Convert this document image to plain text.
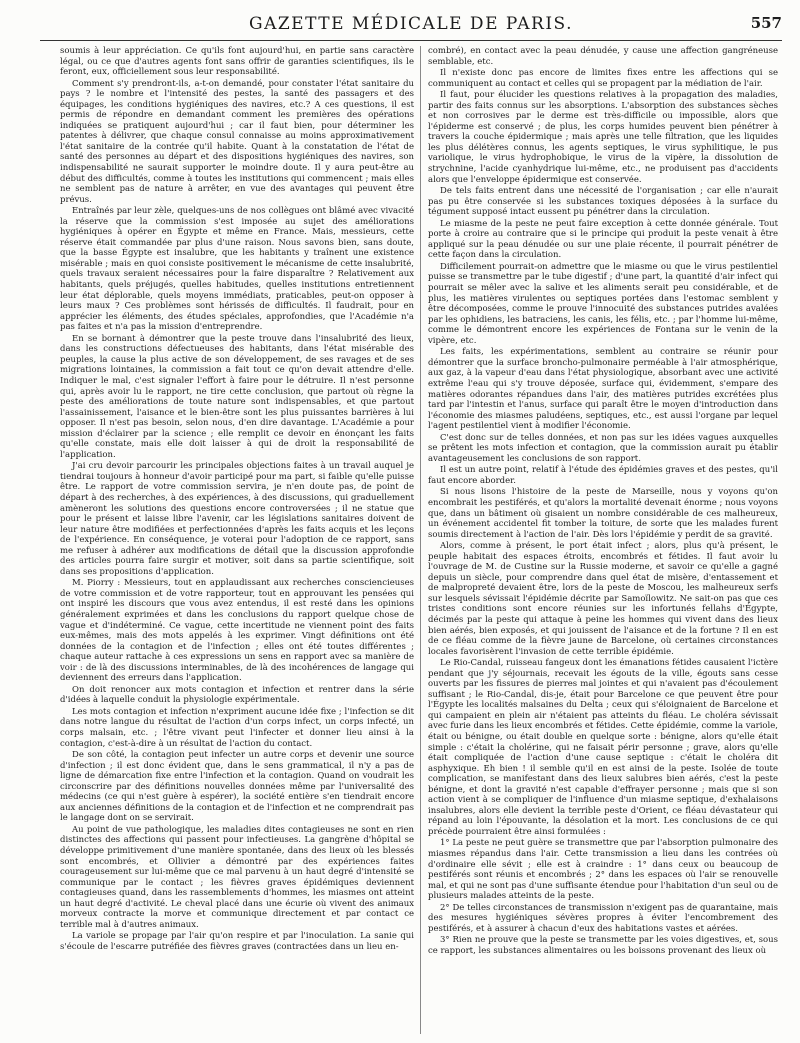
GAZETTE MÉDICALE DE PARIS.	557

soumis à leur appréciation. Ce qu'ils font aujourd'hui, en partie sans caractère légal, ou ce que d'autres agents font sans offrir de garanties scientifiques, ils le feront, eux, officiellement sous leur responsabilité.

Comment s'y prendront-ils, a-t-on demandé, pour constater l'état sanitaire du pays ? le nombre et l'intensité des pestes, la santé des passagers et des équipages, les conditions hygiéniques des navires, etc.? A ces questions, il est permis de répondre en demandant comment les premières des opérations indiquées se pratiquent aujourd'hui ; car il faut bien, pour déterminer les patentes à délivrer, que chaque consul connaisse au moins approximativement l'état sanitaire de la contrée qu'il habite. Quant à la constatation de l'état de santé des personnes au départ et des dispositions hygiéniques des navires, son indispensabilité ne saurait supporter le moindre doute. Il y aura peut-être au début des difficultés, comme à toutes les institutions qui commencent ; mais elles ne semblent pas de nature à arrêter, en vue des avantages qui peuvent être prévus.

Entraînés par leur zèle, quelques-uns de nos collègues ont blâmé avec vivacité la réserve que la commission s'est imposée au sujet des améliorations hygiéniques à opérer en Égypte et même en France. Mais, messieurs, cette réserve était commandée par plus d'une raison. Nous savons bien, sans doute, que la basse Égypte est insalubre, que les habitants y traînent une existence misérable ; mais en quoi consiste positivement le mécanisme de cette insalubrité, quels travaux seraient nécessaires pour la faire disparaître ? Relativement aux habitants, quels préjugés, quelles habitudes, quelles institutions entretiennent leur état déplorable, quels moyens immédiats, praticables, peut-on opposer à leurs maux ? Ces problèmes sont hérissés de difficultés. Il faudrait, pour en apprécier les éléments, des études spéciales, approfondies, que l'Académie n'a pas faites et n'a pas la mission d'entreprendre.

En se bornant à démontrer que la peste trouve dans l'insalubrité des lieux, dans les constructions défectueuses des habitants, dans l'état misérable des peuples, la cause la plus active de son développement, de ses ravages et de ses migrations lointaines, la commission a fait tout ce qu'on devait attendre d'elle. Indiquer le mal, c'est signaler l'effort à faire pour le détruire. Il n'est personne qui, après avoir lu le rapport, ne tire cette conclusion, que partout où règne la peste des améliorations de toute nature sont indispensables, et que partout l'assainissement, l'aisance et le bien-être sont les plus puissantes barrières à lui opposer. Il n'est pas besoin, selon nous, d'en dire davantage. L'Académie a pour mission d'éclairer par la science ; elle remplit ce devoir en énonçant les faits qu'elle constate, mais elle doit laisser à qui de droit la responsabilité de l'application.

J'ai cru devoir parcourir les principales objections faites à un travail auquel je tiendrai toujours à honneur d'avoir participé pour ma part, si faible qu'elle puisse être. Le rapport de votre commission servira, je n'en doute pas, de point de départ à des recherches, à des expériences, à des discussions, qui graduellement amèneront les solutions des questions encore controversées ; il ne statue que pour le présent et laisse libre l'avenir, car les législations sanitaires doivent de leur nature être modifiées et perfectionnées d'après les faits acquis et les leçons de l'expérience. En conséquence, je voterai pour l'adoption de ce rapport, sans me refuser à adhérer aux modifications de détail que la discussion approfondie des articles pourra faire surgir et motiver, soit dans sa partie scientifique, soit dans ses propositions d'application.

M. Piorry : Messieurs, tout en applaudissant aux recherches consciencieuses de votre commission et de votre rapporteur, tout en approuvant les pensées qui ont inspiré les discours que vous avez entendus, il est resté dans les opinions généralement exprimées et dans les conclusions du rapport quelque chose de vague et d'indéterminé. Ce vague, cette incertitude ne viennent point des faits eux-mêmes, mais des mots appelés à les exprimer. Vingt définitions ont été données de la contagion et de l'infection ; elles ont été toutes différentes ; chaque auteur rattache à ces expressions un sens en rapport avec sa manière de voir : de là des discussions interminables, de là des incohérences de langage qui deviennent des erreurs dans l'application.

On doit renoncer aux mots contagion et infection et rentrer dans la série d'idées à laquelle conduit la physiologie expérimentale.

Les mots contagion et infection n'expriment aucune idée fixe ; l'infection se dit dans notre langue du résultat de l'action d'un corps infect, un corps infecté, un corps malsain, etc. ; l'être vivant peut l'infecter et donner lieu ainsi à la contagion, c'est-à-dire à un résultat de l'action du contact.

De son côté, la contagion peut infecter un autre corps et devenir une source d'infection ; il est donc évident que, dans le sens grammatical, il n'y a pas de ligne de démarcation fixe entre l'infection et la contagion. Quand on voudrait les circonscrire par des définitions nouvelles données même par l'universalité des médecins (ce qui n'est guère à espérer), la société entière s'en tiendrait encore aux anciennes définitions de la contagion et de l'infection et ne comprendrait pas le langage dont on se servirait.

Au point de vue pathologique, les maladies dites contagieuses ne sont en rien distinctes des affections qui passent pour infectieuses. La gangrène d'hôpital se développe primitivement d'une manière spontanée, dans des lieux où les blessés sont encombrés, et Ollivier a démontré par des expériences faites courageusement sur lui-même que ce mal parvenu à un haut degré d'intensité se communique par le contact ; les fièvres graves épidémiques deviennent contagieuses quand, dans les rassemblements d'hommes, les miasmes ont atteint un haut degré d'activité. Le cheval placé dans une écurie où vivent des animaux morveux contracte la morve et communique directement et par contact ce terrible mal à d'autres animaux.

La variole se propage par l'air qu'on respire et par l'inoculation. La sanie qui s'écoule de l'escarre putréfiée des fièvres graves (contractées dans un lieu en-

combré), en contact avec la peau dénudée, y cause une affection gangréneuse semblable, etc.

Il n'existe donc pas encore de limites fixes entre les affections qui se communiquent au contact et celles qui se propagent par la médiation de l'air.

Il faut, pour élucider les questions relatives à la propagation des maladies, partir des faits connus sur les absorptions. L'absorption des substances sèches et non corrosives par le derme est très-difficile ou impossible, alors que l'épiderme est conservé ; de plus, les corps humides peuvent bien pénétrer à travers la couche épidermique ; mais après une telle filtration, que les liquides les plus délétères connus, les agents septiques, le virus syphilitique, le pus variolique, le virus hydrophobique, le virus de la vipère, la dissolution de strychnine, l'acide cyanhydrique lui-même, etc., ne produisent pas d'accidents alors que l'enveloppe épidermique est conservée.

De tels faits entrent dans une nécessité de l'organisation ; car elle n'aurait pas pu être conservée si les substances toxiques déposées à la surface du tégument supposé intact eussent pu pénétrer dans la circulation.

Le miasme de la peste ne peut faire exception à cette donnée générale. Tout porte à croire au contraire que si le principe qui produit la peste venait à être appliqué sur la peau dénudée ou sur une plaie récente, il pourrait pénétrer de cette façon dans la circulation.

Difficilement pourrait-on admettre que le miasme ou que le virus pestilentiel puisse se transmettre par le tube digestif ; d'une part, la quantité d'air infect qui pourrait se mêler avec la salive et les aliments serait peu considérable, et de plus, les matières virulentes ou septiques portées dans l'estomac semblent y être décomposées, comme le prouve l'innocuité des substances putrides avalées par les ophidiens, les batraciens, les canis, les félis, etc. ; par l'homme lui-même, comme le démontrent encore les expériences de Fontana sur le venin de la vipère, etc.

Les faits, les expérimentations, semblent au contraire se réunir pour démontrer que la surface broncho-pulmonaire perméable à l'air atmosphérique, aux gaz, à la vapeur d'eau dans l'état physiologique, absorbant avec une activité extrême l'eau qui s'y trouve déposée, surface qui, évidemment, s'empare des matières odorantes répandues dans l'air, des matières putrides excrétées plus tard par l'intestin et l'anus, surface qui paraît être le moyen d'introduction dans l'économie des miasmes paludéens, septiques, etc., est aussi l'organe par lequel l'agent pestilentiel vient à modifier l'économie.

C'est donc sur de telles données, et non pas sur les idées vagues auxquelles se prêtent les mots infection et contagion, que la commission aurait pu établir avantageusement les conclusions de son rapport.

Il est un autre point, relatif à l'étude des épidémies graves et des pestes, qu'il faut encore aborder.

Si nous lisons l'histoire de la peste de Marseille, nous y voyons qu'on encombrait les pestiférés, et qu'alors la mortalité devenait énorme ; nous voyons que, dans un bâtiment où gisaient un nombre considérable de ces malheureux, un événement accidentel fit tomber la toiture, de sorte que les malades furent soumis directement à l'action de l'air. Dès lors l'épidémie y perdit de sa gravité.

Alors, comme à présent, le port était infect ; alors, plus qu'à présent, le peuple habitait des espaces étroits, encombrés et fétides. Il faut avoir lu l'ouvrage de M. de Custine sur la Russie moderne, et savoir ce qu'elle a gagné depuis un siècle, pour comprendre dans quel état de misère, d'entassement et de malpropreté devaient être, lors de la peste de Moscou, les malheureux serfs sur lesquels sévissait l'épidémie décrite par Samoïlowitz. Ne sait-on pas que ces tristes conditions sont encore réunies sur les infortunés fellahs d'Égypte, décimés par la peste qui attaque à peine les hommes qui vivent dans des lieux bien aérés, bien exposés, et qui jouissent de l'aisance et de la fortune ? Il en est de ce fléau comme de la fièvre jaune de Barcelone, où certaines circonstances locales favorisèrent l'invasion de cette terrible épidémie.

Le Rio-Candal, ruisseau fangeux dont les émanations fétides causaient l'ictère pendant que j'y séjournais, recevait les égouts de la ville, égouts sans cesse ouverts par les fissures de pierres mal jointes et qui n'avaient pas d'écoulement suffisant ; le Rio-Candal, dis-je, était pour Barcelone ce que peuvent être pour l'Égypte les localités malsaines du Delta ; ceux qui s'éloignaient de Barcelone et qui campaient en plein air n'étaient pas atteints du fléau. Le choléra sévissait avec furie dans les lieux encombrés et fétides. Cette épidémie, comme la variole, était ou bénigne, ou était double en quelque sorte : bénigne, alors qu'elle était simple : c'était la cholérine, qui ne faisait périr personne ; grave, alors qu'elle était compliquée de l'action d'une cause septique : c'était le choléra dit asphyxique. Eh bien ! il semble qu'il en est ainsi de la peste. Isolée de toute complication, se manifestant dans des lieux salubres bien aérés, c'est la peste bénigne, et dont la gravité n'est capable d'effrayer personne ; mais que si son action vient à se compliquer de l'influence d'un miasme septique, d'exhalaisons insalubres, alors elle devient la terrible peste d'Orient, ce fléau dévastateur qui répand au loin l'épouvante, la désolation et la mort. Les conclusions de ce qui précède pourraient être ainsi formulées :

1° La peste ne peut guère se transmettre que par l'absorption pulmonaire des miasmes répandus dans l'air. Cette transmission a lieu dans les contrées où d'ordinaire elle sévit ; elle est à craindre : 1° dans ceux ou beaucoup de pestiférés sont réunis et encombrés ; 2° dans les espaces où l'air se renouvelle mal, et qui ne sont pas d'une suffisante étendue pour l'habitation d'un seul ou de plusieurs malades atteints de la peste.
2° De telles circonstances de transmission n'exigent pas de quarantaine, mais des mesures hygiéniques sévères propres à éviter l'encombrement des pestiférés, et à assurer à chacun d'eux des habitations vastes et aérées.
3° Rien ne prouve que la peste se transmette par les voies digestives, et, sous ce rapport, les substances alimentaires ou les boissons provenant des lieux où
